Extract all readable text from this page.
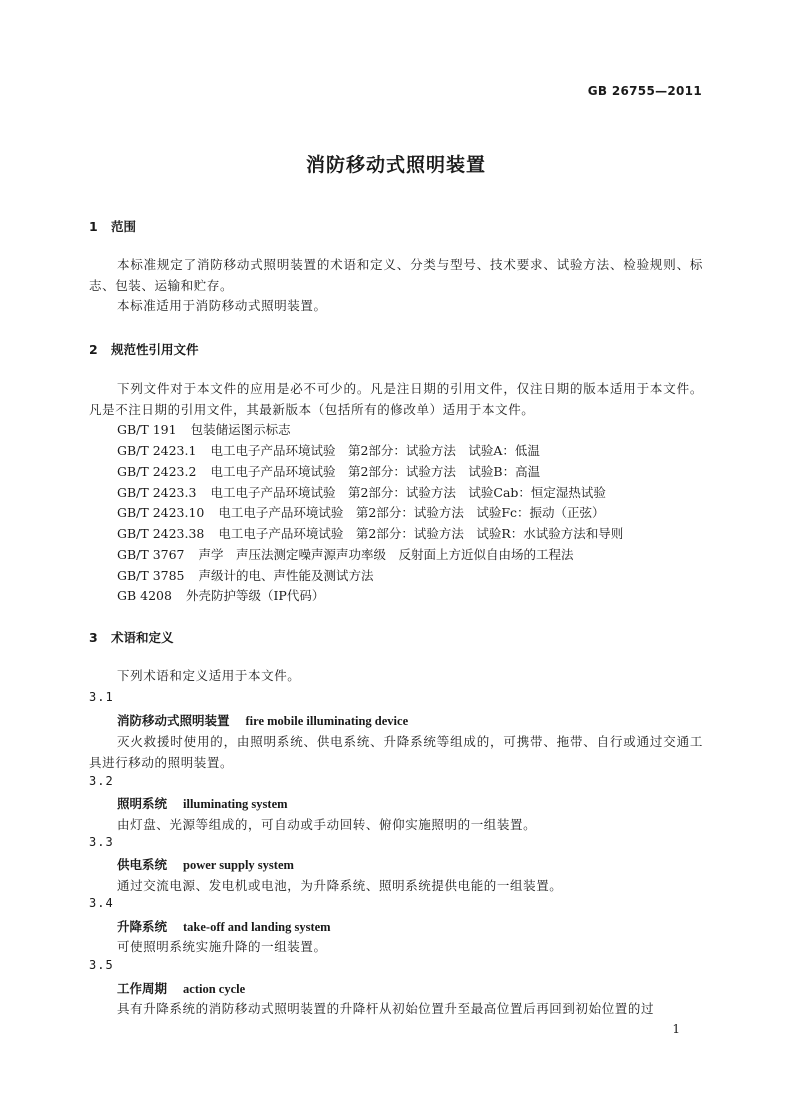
GB 26755—2011
消防移动式照明装置
1 范围
本标准规定了消防移动式照明装置的术语和定义、分类与型号、技术要求、试验方法、检验规则、标志、包装、运输和贮存。
本标准适用于消防移动式照明装置。
2 规范性引用文件
下列文件对于本文件的应用是必不可少的。凡是注日期的引用文件，仅注日期的版本适用于本文件。凡是不注日期的引用文件，其最新版本（包括所有的修改单）适用于本文件。
GB/T 191 包装储运图示标志
GB/T 2423.1 电工电子产品环境试验　第2部分：试验方法　试验A：低温
GB/T 2423.2 电工电子产品环境试验　第2部分：试验方法　试验B：高温
GB/T 2423.3 电工电子产品环境试验　第2部分：试验方法　试验Cab：恒定湿热试验
GB/T 2423.10 电工电子产品环境试验　第2部分：试验方法　试验Fc：振动（正弦）
GB/T 2423.38 电工电子产品环境试验　第2部分：试验方法　试验R：水试验方法和导则
GB/T 3767 声学　声压法测定噪声源声功率级　反射面上方近似自由场的工程法
GB/T 3785 声级计的电、声性能及测试方法
GB 4208 外壳防护等级（IP代码）
3 术语和定义
下列术语和定义适用于本文件。
3.1
消防移动式照明装置 fire mobile illuminating device
灭火救援时使用的，由照明系统、供电系统、升降系统等组成的，可携带、拖带、自行或通过交通工具进行移动的照明装置。
3.2
照明系统 illuminating system
由灯盘、光源等组成的，可自动或手动回转、俯仰实施照明的一组装置。
3.3
供电系统 power supply system
通过交流电源、发电机或电池，为升降系统、照明系统提供电能的一组装置。
3.4
升降系统 take-off and landing system
可使照明系统实施升降的一组装置。
3.5
工作周期 action cycle
具有升降系统的消防移动式照明装置的升降杆从初始位置升至最高位置后再回到初始位置的过
1
